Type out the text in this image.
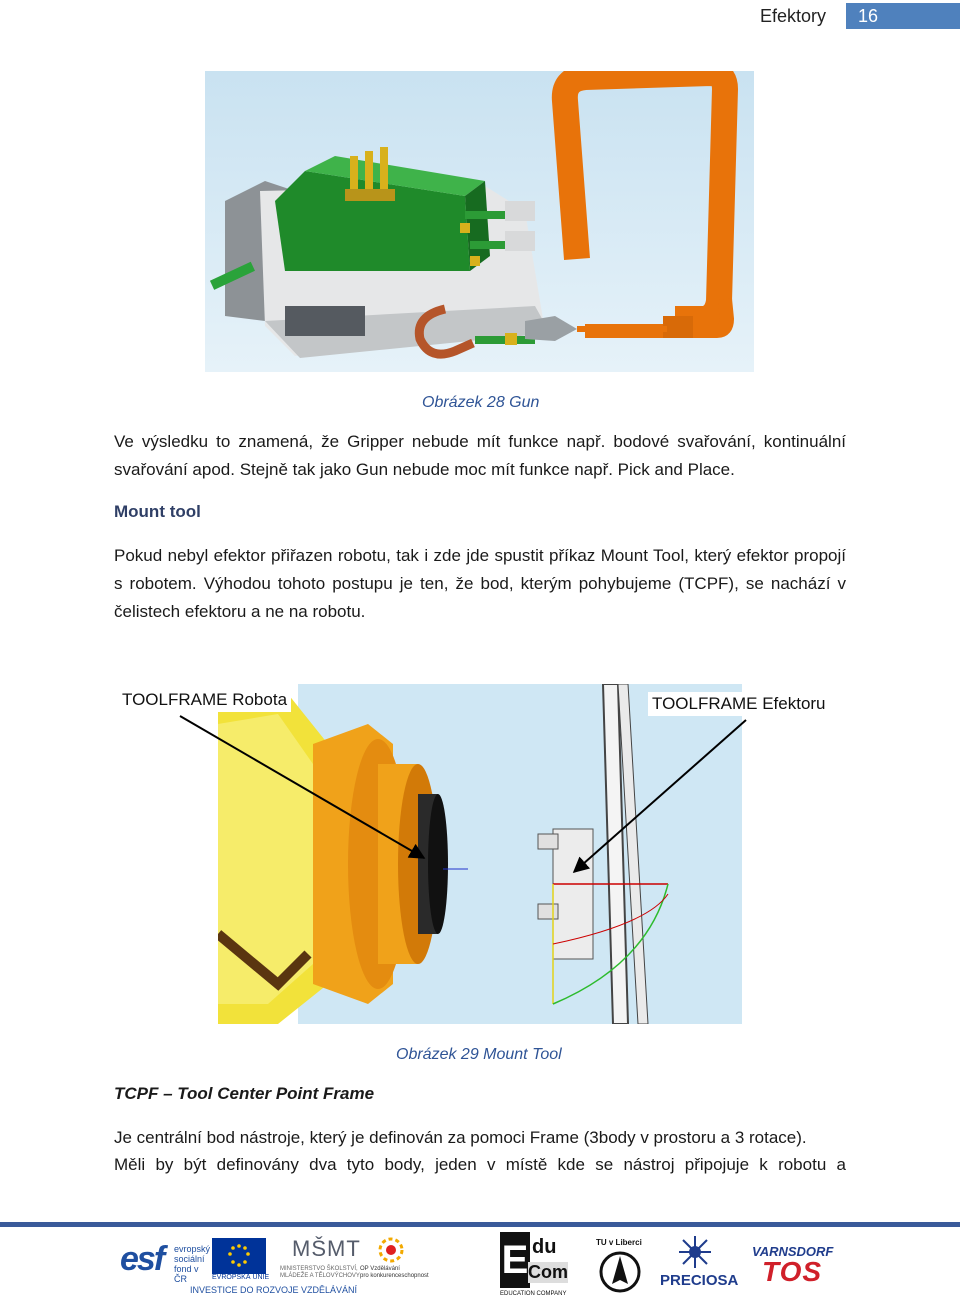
Efektory 16
Obrázek 28 Gun
Ve výsledku to znamená, že Gripper nebude mít funkce např. bodové svařování, kontinuální svařování apod. Stejně tak jako Gun nebude moc mít funkce např. Pick and Place.
Mount tool
Pokud nebyl efektor přiřazen robotu, tak i zde jde spustit příkaz Mount Tool, který efektor propojí s robotem. Výhodou tohoto postupu je ten, že bod, kterým pohybujeme (TCPF), se nachází v čelistech efektoru a ne na robotu.
TOOLFRAME Robota	TOOLFRAME Efektoru
Obrázek 29 Mount Tool
TCPF – Tool Center Point Frame
Je centrální bod nástroje, který je definován za pomoci Frame (3body v prostoru a 3 rotace).
Měli by být definovány dva tyto body, jeden v místě kde se nástroj připojuje k robotu a
esf evropský
sociální
fond v ČR	EVROPSKÁ UNIE
MŠMT
MINISTERSTVO ŠKOLSTVÍ,
MLÁDEŽE A TĚLOVÝCHOVY
OP Vzdělávání
pro konkurenceschopnost
INVESTICE DO ROZVOJE VZDĚLÁVÁNÍ
E du
Com
EDUCATION COMPANY
TU v Liberci
PRECIOSA
VARNSDORF
TOS
